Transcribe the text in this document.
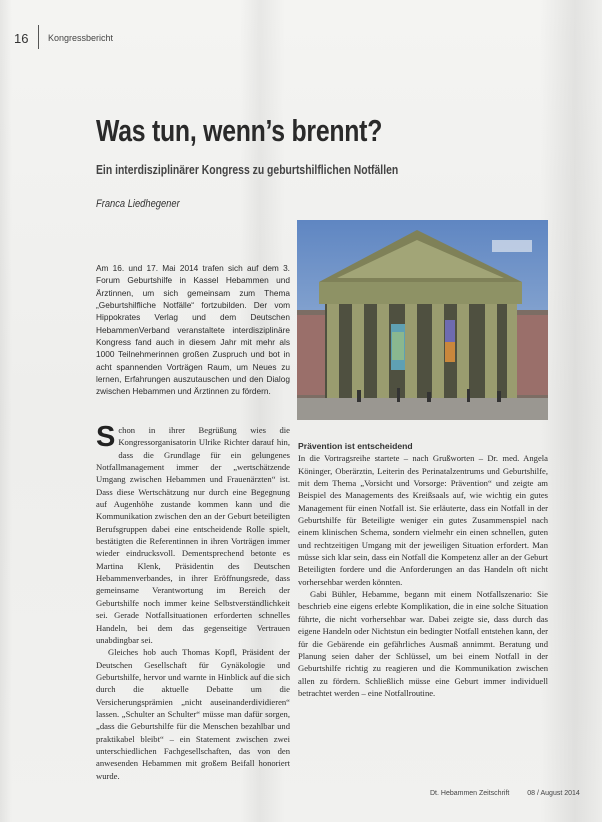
16 Kongressbericht
Was tun, wenn’s brennt?
Ein interdisziplinärer Kongress zu geburtshilflichen Notfällen
Franca Liedhegener

Am 16. und 17. Mai 2014 trafen sich auf dem 3. Forum Geburtshilfe in Kassel Hebammen und Ärztinnen, um sich gemeinsam zum Thema „Geburtshilfliche Notfälle“ fortzubilden. Der vom Hippokrates Verlag und dem Deutschen HebammenVerband veranstaltete interdisziplinäre Kongress fand auch in diesem Jahr mit mehr als 1000 Teilnehmerinnen großen Zuspruch und bot in acht spannenden Vorträgen Raum, um Neues zu lernen, Erfahrungen auszutauschen und den Dialog zwischen Hebammen und Ärztinnen zu fördern.

Schon in ihrer Begrüßung wies die Kongressorganisatorin Ulrike Richter darauf hin, dass die Grundlage für ein gelungenes Notfallmanagement immer der „wertschätzende Umgang zwischen Hebammen und Frauenärzten“ ist. Dass diese Wertschätzung nur durch eine Begegnung auf Augenhöhe zustande kommen kann und die Kommunikation zwischen den an der Geburt beteiligten Berufsgruppen dabei eine entscheidende Rolle spielt, bestätigten die Referentinnen in ihren Vorträgen immer wieder eindrucksvoll. Dementsprechend betonte es Martina Klenk, Präsidentin des Deutschen Hebammenverbandes, in ihrer Eröffnungsrede, dass gemeinsame Verantwortung im Bereich der Geburtshilfe noch immer keine Selbstverständlichkeit sei. Gerade Notfallsituationen erforderten schnelles Handeln, bei dem das gegenseitige Vertrauen unabdingbar sei.

Gleiches hob auch Thomas Kopfl, Präsident der Deutschen Gesellschaft für Gynäkologie und Geburtshilfe, hervor und warnte in Hinblick auf die sich durch die aktuelle Debatte um die Versicherungsprämien „nicht auseinanderdividieren“ lassen. „Schulter an Schulter“ müsse man dafür sorgen, „dass die Geburtshilfe für die Menschen bezahlbar und praktikabel bleibt“ – ein Statement zwischen zwei unterschiedlichen Fachgesellschaften, das von den anwesenden Hebammen mit großem Beifall honoriert wurde.

Prävention ist entscheidend

In die Vortragsreihe startete – nach Grußworten – Dr. med. Angela Köninger, Oberärztin, Leiterin des Perinatalzentrums und Geburtshilfe, mit dem Thema „Vorsicht und Vorsorge: Prävention“ und zeigte am Beispiel des Managements des Kreißsaals auf, wie wichtig ein gutes Management für einen Notfall ist. Sie erläuterte, dass ein Notfall in der Geburtshilfe für Beteiligte weniger ein gutes Zusammenspiel nach einem klinischen Schema, sondern vielmehr ein einen schnellen, guten und rechtzeitigen Umgang mit der jeweiligen Situation erfordert. Man müsse sich klar sein, dass ein Notfall die Kompetenz aller an der Geburt Beteiligten fordere und die Anforderungen an das Handeln oft nicht vorhersehbar werden könnten.

Gabi Bühler, Hebamme, begann mit einem Notfallszenario: Sie beschrieb eine eigens erlebte Komplikation, die in eine solche Situation führte, die nicht vorhersehbar war. Dabei zeigte sie, dass durch das eigene Handeln oder Nichtstun ein bedingter Notfall entstehen kann, der für die Gebärende ein gefährliches Ausmaß annimmt. Beratung und Planung seien daher der Schlüssel, um bei einem Notfall in der Geburtshilfe richtig zu reagieren und die Kommunikation zwischen allen zu fördern. Schließlich müsse eine Geburt immer individuell betrachtet werden – eine Notfallroutine.

Dt. Hebammen Zeitschrift	08 / August 2014
